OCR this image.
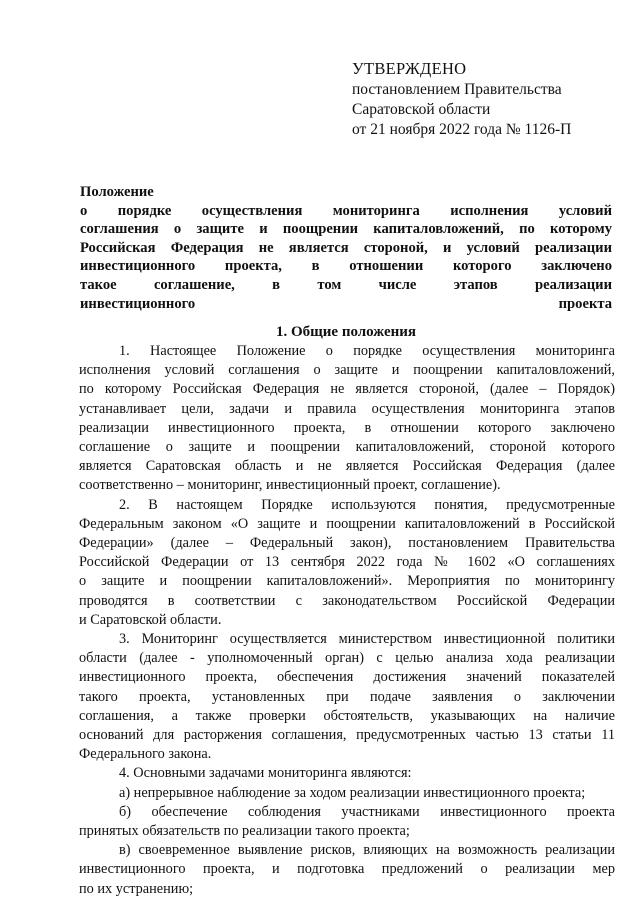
УТВЕРЖДЕНО
постановлением Правительства
Саратовской области
от 21 ноября 2022 года № 1126-П
Положение
о порядке осуществления мониторинга исполнения условий
соглашения о защите и поощрении капиталовложений, по которому
Российская Федерация не является стороной, и условий реализации
инвестиционного проекта, в отношении которого заключено
такое соглашение, в том числе этапов реализации
инвестиционного проекта
1. Общие положения
1. Настоящее Положение о порядке осуществления мониторинга
исполнения условий соглашения о защите и поощрении капиталовложений,
по которому Российская Федерация не является стороной, (далее – Порядок)
устанавливает цели, задачи и правила осуществления мониторинга этапов
реализации инвестиционного проекта, в отношении которого заключено
соглашение о защите и поощрении капиталовложений, стороной которого
является Саратовская область и не является Российская Федерация (далее
соответственно – мониторинг, инвестиционный проект, соглашение).
2. В настоящем Порядке используются понятия, предусмотренные
Федеральным законом «О защите и поощрении капиталовложений в Российской
Федерации» (далее – Федеральный закон), постановлением Правительства
Российской Федерации от 13 сентября 2022 года № 1602 «О соглашениях
о защите и поощрении капиталовложений». Мероприятия по мониторингу
проводятся в соответствии с законодательством Российской Федерации
и Саратовской области.
3. Мониторинг осуществляется министерством инвестиционной политики
области (далее - уполномоченный орган) с целью анализа хода реализации
инвестиционного проекта, обеспечения достижения значений показателей
такого проекта, установленных при подаче заявления о заключении
соглашения, а также проверки обстоятельств, указывающих на наличие
оснований для расторжения соглашения, предусмотренных частью 13 статьи 11
Федерального закона.
4. Основными задачами мониторинга являются:
а) непрерывное наблюдение за ходом реализации инвестиционного проекта;
б) обеспечение соблюдения участниками инвестиционного проекта
принятых обязательств по реализации такого проекта;
в) своевременное выявление рисков, влияющих на возможность реализации
инвестиционного проекта, и подготовка предложений о реализации мер
по их устранению;
